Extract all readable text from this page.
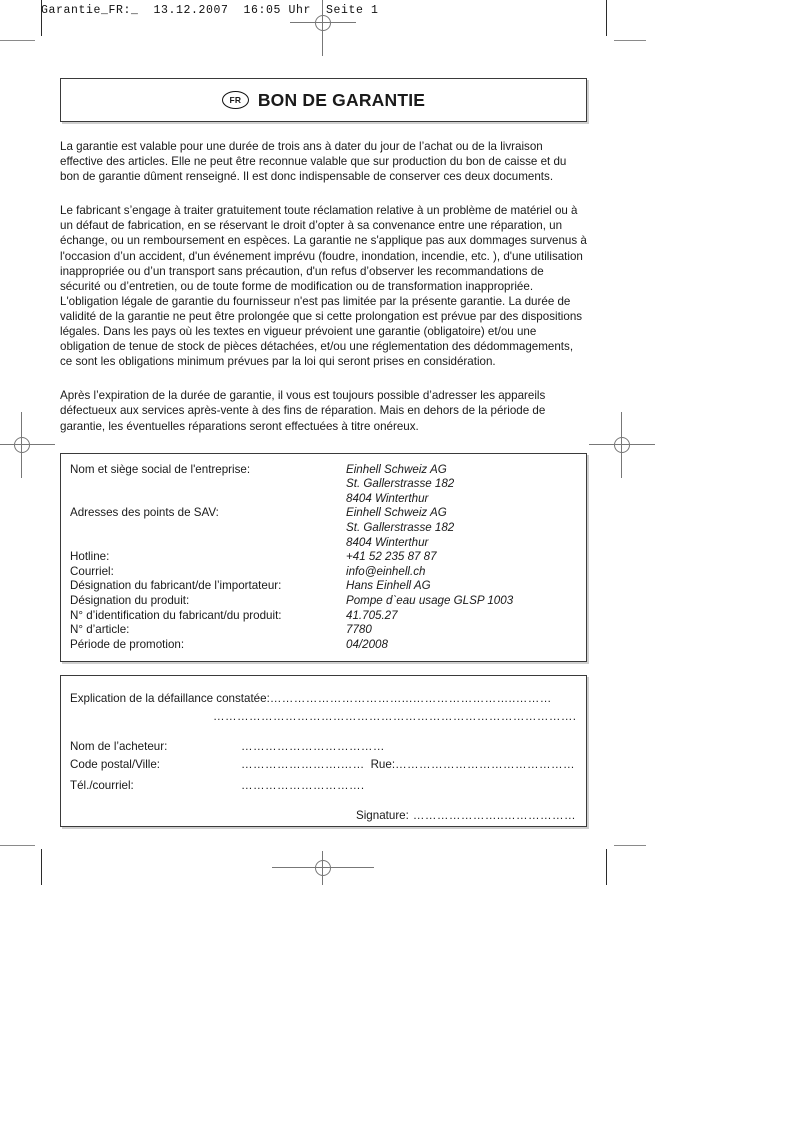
Garantie_FR:_  13.12.2007  16:05 Uhr  Seite 1
FR BON DE GARANTIE

La garantie est valable pour une durée de trois ans à dater du jour de l’achat ou de la livraison effective des articles. Elle ne peut être reconnue valable que sur production du bon de caisse et du bon de garantie dûment renseigné. Il est donc indispensable de conserver ces deux documents.

Le fabricant s’engage à traiter gratuitement toute réclamation relative à un problème de matériel ou à un défaut de fabrication, en se réservant le droit d’opter à sa convenance entre une réparation, un échange, ou un remboursement en espèces. La garantie ne s'applique pas aux dommages survenus à l'occasion d’un accident, d'un événement imprévu (foudre, inondation, incendie, etc. ), d'une utilisation inappropriée ou d’un transport sans précaution, d'un refus d’observer les recommandations de sécurité ou d’entretien, ou de toute forme de modification ou de transformation inappropriée. L'obligation légale de garantie du fournisseur n'est pas limitée par la présente garantie. La durée de validité de la garantie ne peut être prolongée que si cette prolongation est prévue par des dispositions légales. Dans les pays où les textes en vigueur prévoient une garantie (obligatoire) et/ou une obligation de tenue de stock de pièces détachées, et/ou une réglementation des dédommagements, ce sont les obligations minimum prévues par la loi qui seront prises en considération.

Après l’expiration de la durée de garantie, il vous est toujours possible d’adresser les appareils défectueux aux services après-vente à des fins de réparation. Mais en dehors de la période de garantie, les éventuelles réparations seront effectuées à titre onéreux.

Nom et siège social de l'entreprise:	Einhell Schweiz AG
St. Gallerstrasse 182
8404 Winterthur
Adresses des points de SAV:	Einhell Schweiz AG
St. Gallerstrasse 182
8404 Winterthur
Hotline:	+41 52 235 87 87
Courriel:	info@einhell.ch
Désignation du fabricant/de l’importateur:	Hans Einhell AG
Désignation du produit:	Pompe dˋeau usage GLSP 1003
N° d’identification du fabricant/du produit:	41.705.27
N° d’article:	7780
Période de promotion:	04/2008
Explication de la défaillance constatée:……………………………...……………………..………
……………………………………………………………………………….
Nom de l’acheteur:	………………………………
Code postal/Ville:	…………………….…… Rue:………………………………………
Tél./courriel:	………………………….
Signature: …………………..………………
